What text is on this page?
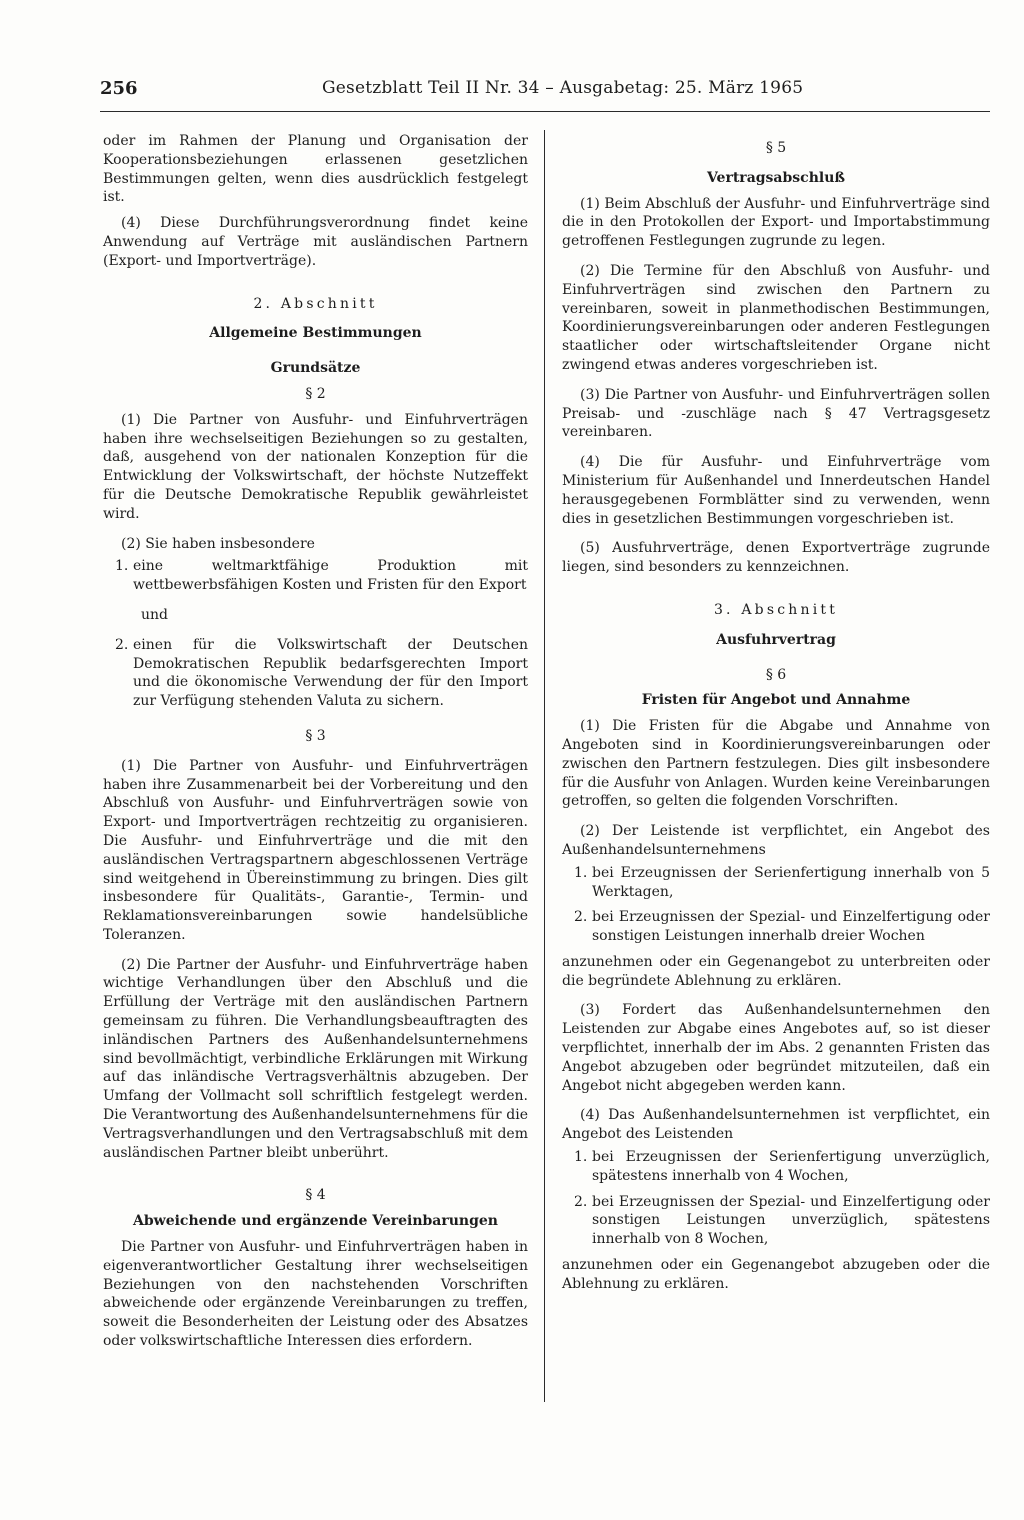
256	Gesetzblatt Teil II Nr. 34 – Ausgabetag: 25. März 1965

oder im Rahmen der Planung und Organisation der Kooperationsbeziehungen erlassenen gesetzlichen Bestimmungen gelten, wenn dies ausdrücklich festgelegt ist.

(4) Diese Durchführungsverordnung findet keine Anwendung auf Verträge mit ausländischen Partnern (Export- und Importverträge).

2. Abschnitt

Allgemeine Bestimmungen

Grundsätze

§ 2

(1) Die Partner von Ausfuhr- und Einfuhrverträgen haben ihre wechselseitigen Beziehungen so zu gestalten, daß, ausgehend von der nationalen Konzeption für die Entwicklung der Volkswirtschaft, der höchste Nutzeffekt für die Deutsche Demokratische Republik gewährleistet wird.

(2) Sie haben insbesondere

1. eine weltmarktfähige Produktion mit wettbewerbsfähigen Kosten und Fristen für den Export

und

2. einen für die Volkswirtschaft der Deutschen Demokratischen Republik bedarfsgerechten Import und die ökonomische Verwendung der für den Import zur Verfügung stehenden Valuta zu sichern.

§ 3

(1) Die Partner von Ausfuhr- und Einfuhrverträgen haben ihre Zusammenarbeit bei der Vorbereitung und den Abschluß von Ausfuhr- und Einfuhrverträgen sowie von Export- und Importverträgen rechtzeitig zu organisieren. Die Ausfuhr- und Einfuhrverträge und die mit den ausländischen Vertragspartnern abgeschlossenen Verträge sind weitgehend in Übereinstimmung zu bringen. Dies gilt insbesondere für Qualitäts-, Garantie-, Termin- und Reklamationsvereinbarungen sowie handelsübliche Toleranzen.

(2) Die Partner der Ausfuhr- und Einfuhrverträge haben wichtige Verhandlungen über den Abschluß und die Erfüllung der Verträge mit den ausländischen Partnern gemeinsam zu führen. Die Verhandlungsbeauftragten des inländischen Partners des Außenhandelsunternehmens sind bevollmächtigt, verbindliche Erklärungen mit Wirkung auf das inländische Vertragsverhältnis abzugeben. Der Umfang der Vollmacht soll schriftlich festgelegt werden. Die Verantwortung des Außenhandelsunternehmens für die Vertragsverhandlungen und den Vertragsabschluß mit dem ausländischen Partner bleibt unberührt.

§ 4

Abweichende und ergänzende Vereinbarungen

Die Partner von Ausfuhr- und Einfuhrverträgen haben in eigenverantwortlicher Gestaltung ihrer wechselseitigen Beziehungen von den nachstehenden Vorschriften abweichende oder ergänzende Vereinbarungen zu treffen, soweit die Besonderheiten der Leistung oder des Absatzes oder volkswirtschaftliche Interessen dies erfordern.

§ 5

Vertragsabschluß

(1) Beim Abschluß der Ausfuhr- und Einfuhrverträge sind die in den Protokollen der Export- und Importabstimmung getroffenen Festlegungen zugrunde zu legen.

(2) Die Termine für den Abschluß von Ausfuhr- und Einfuhrverträgen sind zwischen den Partnern zu vereinbaren, soweit in planmethodischen Bestimmungen, Koordinierungsvereinbarungen oder anderen Festlegungen staatlicher oder wirtschaftsleitender Organe nicht zwingend etwas anderes vorgeschrieben ist.

(3) Die Partner von Ausfuhr- und Einfuhrverträgen sollen Preisab- und -zuschläge nach § 47 Vertragsgesetz vereinbaren.

(4) Die für Ausfuhr- und Einfuhrverträge vom Ministerium für Außenhandel und Innerdeutschen Handel herausgegebenen Formblätter sind zu verwenden, wenn dies in gesetzlichen Bestimmungen vorgeschrieben ist.

(5) Ausfuhrverträge, denen Exportverträge zugrunde liegen, sind besonders zu kennzeichnen.

3. Abschnitt

Ausfuhrvertrag

§ 6

Fristen für Angebot und Annahme

(1) Die Fristen für die Abgabe und Annahme von Angeboten sind in Koordinierungsvereinbarungen oder zwischen den Partnern festzulegen. Dies gilt insbesondere für die Ausfuhr von Anlagen. Wurden keine Vereinbarungen getroffen, so gelten die folgenden Vorschriften.

(2) Der Leistende ist verpflichtet, ein Angebot des Außenhandelsunternehmens

1. bei Erzeugnissen der Serienfertigung innerhalb von 5 Werktagen,
2. bei Erzeugnissen der Spezial- und Einzelfertigung oder sonstigen Leistungen innerhalb dreier Wochen

anzunehmen oder ein Gegenangebot zu unterbreiten oder die begründete Ablehnung zu erklären.

(3) Fordert das Außenhandelsunternehmen den Leistenden zur Abgabe eines Angebotes auf, so ist dieser verpflichtet, innerhalb der im Abs. 2 genannten Fristen das Angebot abzugeben oder begründet mitzuteilen, daß ein Angebot nicht abgegeben werden kann.

(4) Das Außenhandelsunternehmen ist verpflichtet, ein Angebot des Leistenden

1. bei Erzeugnissen der Serienfertigung unverzüglich, spätestens innerhalb von 4 Wochen,
2. bei Erzeugnissen der Spezial- und Einzelfertigung oder sonstigen Leistungen unverzüglich, spätestens innerhalb von 8 Wochen,

anzunehmen oder ein Gegenangebot abzugeben oder die Ablehnung zu erklären.
